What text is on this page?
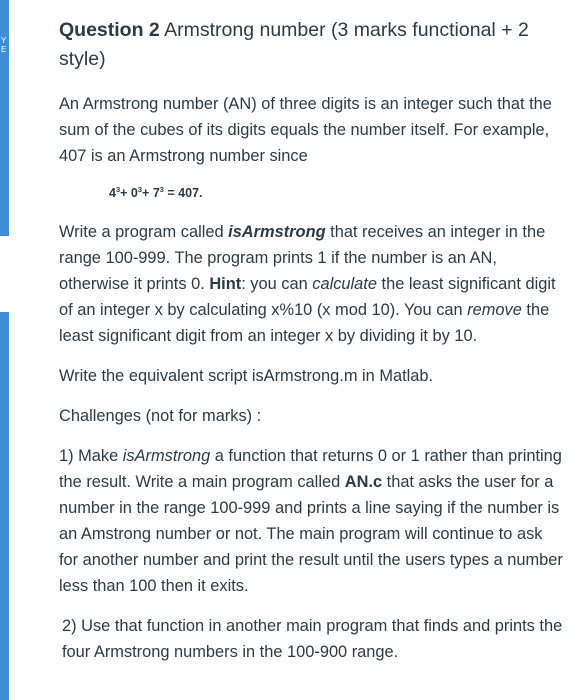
Y
E
Question 2 Armstrong number (3 marks functional + 2 style)

An Armstrong number (AN) of three digits is an integer such that the sum of the cubes of its digits equals the number itself. For example, 407 is an Armstrong number since

$4^3+ 0^3+ 7^3 = 407$.

Write a program called isArmstrong that receives an integer in the range 100-999. The program prints 1 if the number is an AN, otherwise it prints 0. Hint: you can calculate the least significant digit of an integer x by calculating x%10 (x mod 10). You can remove the least significant digit from an integer x by dividing it by 10.

Write the equivalent script isArmstrong.m in Matlab.

Challenges (not for marks) :

1) Make isArmstrong a function that returns 0 or 1 rather than printing the result. Write a main program called AN.c that asks the user for a number in the range 100-999 and prints a line saying if the number is an Amstrong number or not. The main program will continue to ask for another number and print the result until the users types a number less than 100 then it exits.

2) Use that function in another main program that finds and prints the four Armstrong numbers in the 100-900 range.
